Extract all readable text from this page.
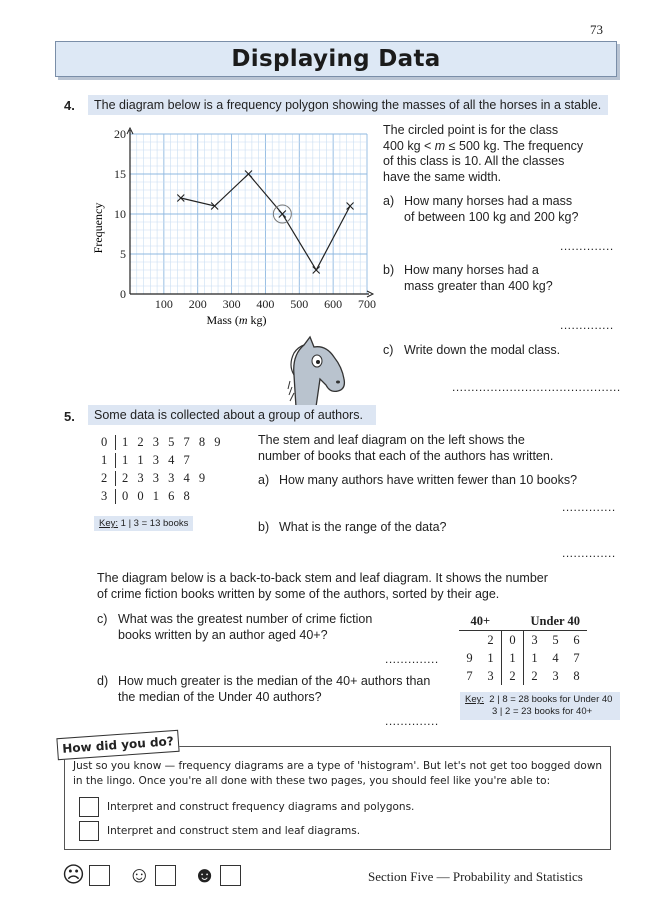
73
Displaying Data
4.	The diagram below is a frequency polygon showing the masses of all the horses in a stable.
100 200 300 400 500 600 700
0
5
10
15
20
Mass (m kg)
Frequency
The circled point is for the class
400 kg < m ≤ 500 kg. The frequency
of this class is 10. All the classes
have the same width.
a) How many horses had a mass
of between 100 kg and 200 kg?
..............
b) How many horses had a
mass greater than 400 kg?
..............
c) Write down the modal class.
............................................
5.	Some data is collected about a group of authors.
0 1 2 3 5 7 8 9
1 1 1 3 4 7
2 2 3 3 3 4 9
3 0 0 1 6 8
Key: 1 | 3 = 13 books
The stem and leaf diagram on the left shows the
number of books that each of the authors has written.
a) How many authors have written fewer than 10 books?
..............
b) What is the range of the data?
..............
The diagram below is a back-to-back stem and leaf diagram. It shows the number
of crime fiction books written by some of the authors, sorted by their age.
c) What was the greatest number of crime fiction
books written by an author aged 40+?
..............
d) How much greater is the median of the 40+ authors than
the median of the Under 40 authors?
..............
40+			Under 40		
	2	0	3	5	6
9	1	1	1	4	7
7	3	2	2	3	8
Key: 2 | 8 = 28 books for Under 40
3 | 2 = 23 books for 40+
Just so you know — frequency diagrams are a type of 'histogram'. But let's not get too bogged down
in the lingo. Once you're all done with these two pages, you should feel like you're able to:
Interpret and construct frequency diagrams and polygons.
Interpret and construct stem and leaf diagrams.
How did you do?
☹ ☺ ☻	Section Five — Probability and Statistics
